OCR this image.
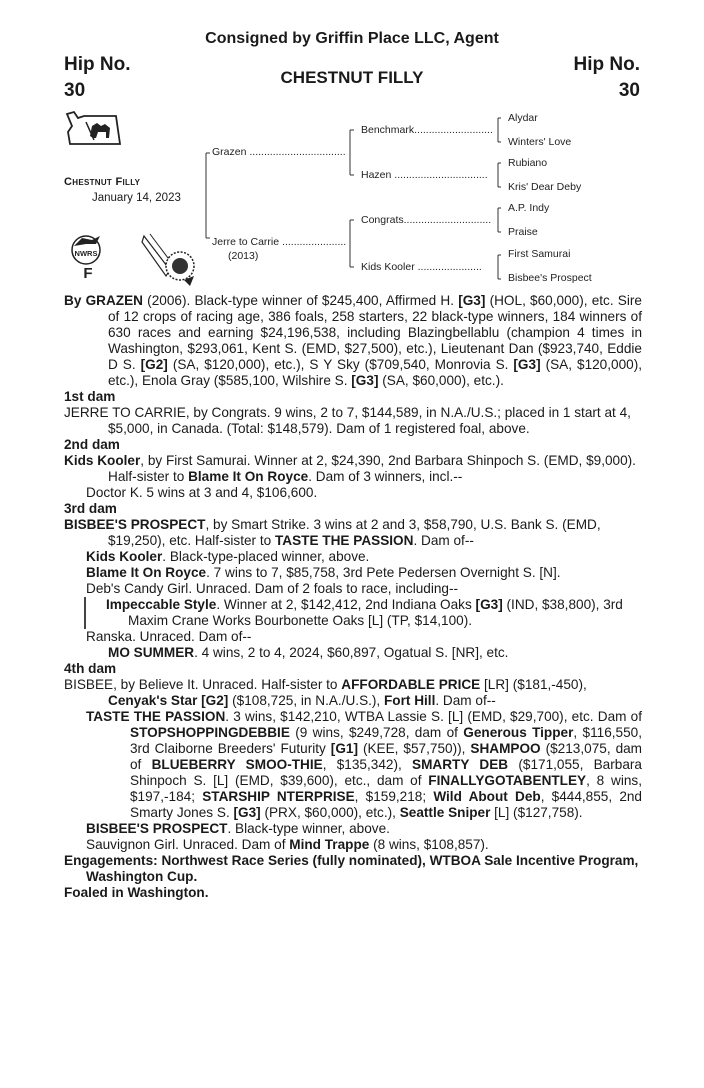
Consigned by Griffin Place LLC, Agent
Hip No.
30
Hip No.
30
CHESTNUT FILLY
Chestnut Filly
January 14, 2023
NWRS
F
Grazen .................................
Jerre to Carrie ......................
(2013)
Benchmark...........................
Hazen ................................
Congrats..............................
Kids Kooler ......................
Alydar
Winters' Love
Rubiano
Kris' Dear Deby
A.P. Indy
Praise
First Samurai
Bisbee's Prospect

By GRAZEN (2006). Black-type winner of $245,400, Affirmed H. [G3] (HOL, $60,000), etc. Sire of 12 crops of racing age, 386 foals, 258 starters, 22 black-type winners, 184 winners of 630 races and earning $24,196,538, including Blazingbellablu (champion 4 times in Washington, $293,061, Kent S. (EMD, $27,500), etc.), Lieutenant Dan ($923,740, Eddie D S. [G2] (SA, $120,000), etc.), S Y Sky ($709,540, Monrovia S. [G3] (SA, $120,000), etc.), Enola Gray ($585,100, Wilshire S. [G3] (SA, $60,000), etc.).

1st dam

JERRE TO CARRIE, by Congrats. 9 wins, 2 to 7, $144,589, in N.A./U.S.; placed in 1 start at 4, $5,000, in Canada. (Total: $148,579). Dam of 1 registered foal, above.

2nd dam

Kids Kooler, by First Samurai. Winner at 2, $24,390, 2nd Barbara Shinpoch S. (EMD, $9,000). Half-sister to Blame It On Royce. Dam of 3 winners, incl.--

Doctor K. 5 wins at 3 and 4, $106,600.

3rd dam

BISBEE'S PROSPECT, by Smart Strike. 3 wins at 2 and 3, $58,790, U.S. Bank S. (EMD, $19,250), etc. Half-sister to TASTE THE PASSION. Dam of--

Kids Kooler. Black-type-placed winner, above.

Blame It On Royce. 7 wins to 7, $85,758, 3rd Pete Pedersen Overnight S. [N].

Deb's Candy Girl. Unraced. Dam of 2 foals to race, including--

Impeccable Style. Winner at 2, $142,412, 2nd Indiana Oaks [G3] (IND, $38,800), 3rd Maxim Crane Works Bourbonette Oaks [L] (TP, $14,100).

Ranska. Unraced. Dam of--

MO SUMMER. 4 wins, 2 to 4, 2024, $60,897, Ogatual S. [NR], etc.

4th dam

BISBEE, by Believe It. Unraced. Half-sister to AFFORDABLE PRICE [LR] ($181,-450), Cenyak's Star [G2] ($108,725, in N.A./U.S.), Fort Hill. Dam of--

TASTE THE PASSION. 3 wins, $142,210, WTBA Lassie S. [L] (EMD, $29,700), etc. Dam of STOPSHOPPINGDEBBIE (9 wins, $249,728, dam of Generous Tipper, $116,550, 3rd Claiborne Breeders' Futurity [G1] (KEE, $57,750)), SHAMPOO ($213,075, dam of BLUEBERRY SMOO-THIE, $135,342), SMARTY DEB ($171,055, Barbara Shinpoch S. [L] (EMD, $39,600), etc., dam of FINALLYGOTABENTLEY, 8 wins, $197,-184; STARSHIP NTERPRISE, $159,218; Wild About Deb, $444,855, 2nd Smarty Jones S. [G3] (PRX, $60,000), etc.), Seattle Sniper [L] ($127,758).

BISBEE'S PROSPECT. Black-type winner, above.

Sauvignon Girl. Unraced. Dam of Mind Trappe (8 wins, $108,857).

Engagements: Northwest Race Series (fully nominated), WTBOA Sale Incentive Program, Washington Cup.

Foaled in Washington.
